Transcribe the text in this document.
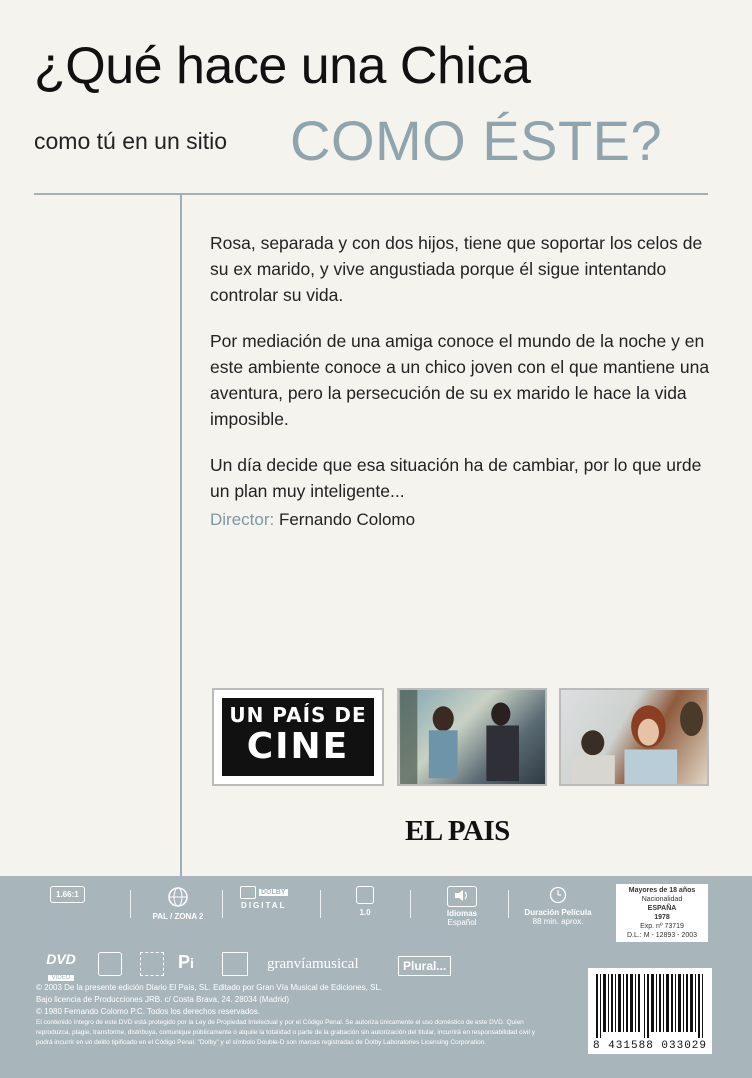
¿Qué hace una Chica
como tú en un sitio COMO ÉSTE?

Rosa, separada y con dos hijos, tiene que soportar los celos de su ex marido, y vive angustiada porque él sigue intentando controlar su vida.

Por mediación de una amiga conoce el mundo de la noche y en este ambiente conoce a un chico joven con el que mantiene una aventura, pero la persecución de su ex marido le hace la vida imposible.

Un día decide que esa situación ha de cambiar, por lo que urde un plan muy inteligente...

Director: Fernando Colomo
UN PAÍS DE
CINE
EL PAIS
1.66:1
PAL / ZONA 2
DOLBY
DIGITAL
1.0	Idiomas
Español
Duración Película
88 min. aprox.
Mayores de 18 años
Nacionalidad
ESPAÑA
1978
Exp. nº 73719
D.L.: M - 12893 - 2003
DVD
VIDEO
Pi	granvíamusical	Plural...
© 2003 De la presente edición Diario El País, SL. Editado por Gran Vía Musical de Ediciones, SL.
Bajo licencia de Producciones JRB. c/ Costa Brava, 24. 28034 (Madrid)
© 1980 Fernando Colomo P.C. Todos los derechos reservados.
El contenido íntegro de este DVD está protegido por la Ley de Propiedad Intelectual y por el Código Penal. Se autoriza únicamente el uso doméstico de este DVD. Quien reproduzca, plagie, transforme, distribuya, comunique públicamente o alquile la totalidad o parte de la grabación sin autorización del titular, incurrirá en responsabilidad civil y podrá incurrir en un delito tipificado en el Código Penal. "Dolby" y el símbolo Double-D son marcas registradas de Dolby Laboratories Licensing Corporation.	8 431588 033029
